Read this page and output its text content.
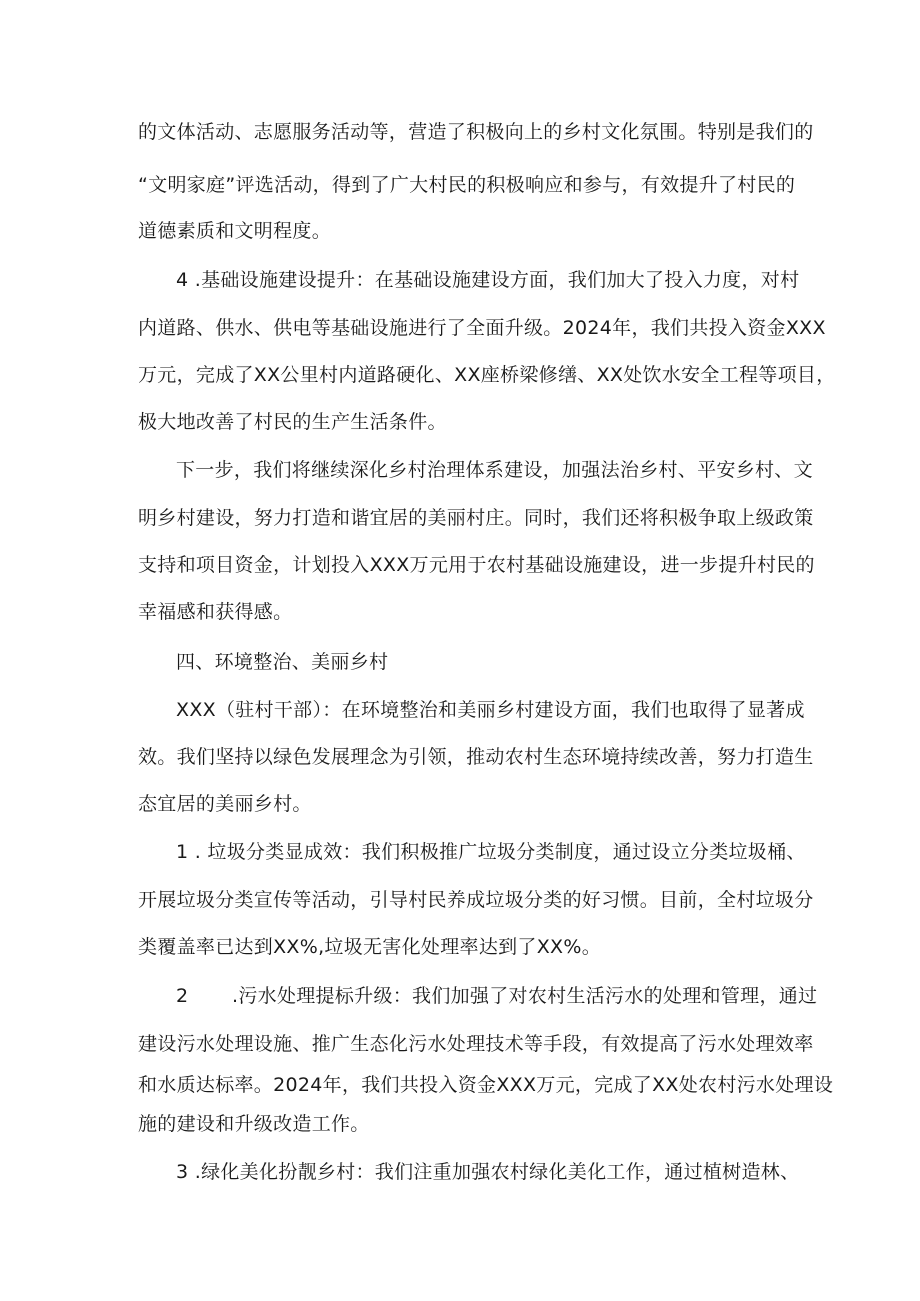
的文体活动、志愿服务活动等，营造了积极向上的乡村文化氛围。特别是我们的
“文明家庭”评选活动，得到了广大村民的积极响应和参与，有效提升了村民的
道德素质和文明程度。
4 .基础设施建设提升：在基础设施建设方面，我们加大了投入力度，对村
内道路、供水、供电等基础设施进行了全面升级。2024年，我们共投入资金XXX
万元，完成了XX公里村内道路硬化、XX座桥梁修缮、XX处饮水安全工程等项目，
极大地改善了村民的生产生活条件。
下一步，我们将继续深化乡村治理体系建设，加强法治乡村、平安乡村、文
明乡村建设，努力打造和谐宜居的美丽村庄。同时，我们还将积极争取上级政策
支持和项目资金，计划投入XXX万元用于农村基础设施建设，进一步提升村民的
幸福感和获得感。
四、环境整治、美丽乡村
XXX（驻村干部）：在环境整治和美丽乡村建设方面，我们也取得了显著成
效。我们坚持以绿色发展理念为引领，推动农村生态环境持续改善，努力打造生
态宜居的美丽乡村。
1 . 垃圾分类显成效：我们积极推广垃圾分类制度，通过设立分类垃圾桶、
开展垃圾分类宣传等活动，引导村民养成垃圾分类的好习惯。目前，全村垃圾分
类覆盖率已达到XX%,垃圾无害化处理率达到了XX%。
2 .污水处理提标升级：我们加强了对农村生活污水的处理和管理，通过
建设污水处理设施、推广生态化污水处理技术等手段，有效提高了污水处理效率
和水质达标率。2024年，我们共投入资金XXX万元，完成了XX处农村污水处理设
施的建设和升级改造工作。
3 .绿化美化扮靓乡村：我们注重加强农村绿化美化工作，通过植树造林、
